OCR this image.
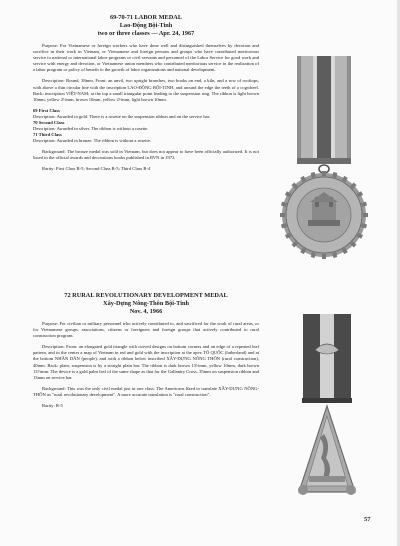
69-70-71 LABOR MEDAL
Lao-Động Bội-Tinh
two or three classes — Apr. 24, 1967

Purpose: For Vietnamese or foreign workers who have done well and distinguished themselves by devotion and sacrifice in their work in Vietnam, or Vietnamese and foreign persons and groups who have contributed meritorious service to national or international labor programs or civil servants and personnel of the Labor Service for good work and service with energy and devotion, or Vietnamese union members who contributed meritorious service to the realization of a labor program or policy of benefit to the growth of labor organizations and national development.

Description: Round, 38mm. Front: an anvil, two upright branches, two books on end, a kiln, and a row of rooftops, with above a thin circular line with the inscription LAO-ĐỘNG BỘI-TINH, and around the edge the teeth of a cogwheel. Back: inscription VIỆT-NAM; at the top a small triangular point leading to the suspension ring. The ribbon is light brown 10mm, yellow 2½mm, brown 10mm, yellow 2½mm, light brown 10mm.

69 First Class

Description: Awarded in gold. There is a rosette on the suspension ribbon and on the service bar.

70 Second Class

Description: Awarded in silver. The ribbon is without a rosette.

71 Third Class

Description: Awarded in bronze. The ribbon is without a rosette.

Background: The bronze medal was sold in Vietnam, but does not appear to have been officially authorized. It is not listed in the official awards and decorations books published in RVN in 1972.

Rarity: First Class R-5; Second Class R-5; Third Class R-4

72 RURAL REVOLUTIONARY DEVELOPMENT MEDAL
Xây-Dựng Nông-Thôn Bội-Tinh
Nov. 4, 1966

Purpose: For civilian or military personnel who actively contributed to, and sacrificed for the work of rural areas, or for Vietnamese groups, associations, citizens or foreigners and foreign groups that actively contributed to rural construction program.

Description: From: an elongated gold triangle with curved designs on bottom corners and an edge of a repeated leaf pattern, and in the center a map of Vietnam in red and gold with the inscription at the apex TỔ QUỐC (fatherland) and at the bottom NHÂN DÂN (people), and with a ribbon below inscribed XÂY-DỰNG NÔNG THÔN (rural construction), 40mm. Back: plain; suspension is by a straight plain bar. The ribbon is dark brown 13½mm, yellow 10mm, dark brown 13½mm. The device is a gold palm leaf of the same shape as that for the Gallantry Cross, 35mm on suspension ribbon and 13mm on service bar.

Background: This was the only civil medal just in one class. The Americans liked to translate XÂY-DỰNG NÔNG-THÔN as "rural revolutionary development". A more accurate translation is "rural construction".

Rarity: R-5

57
